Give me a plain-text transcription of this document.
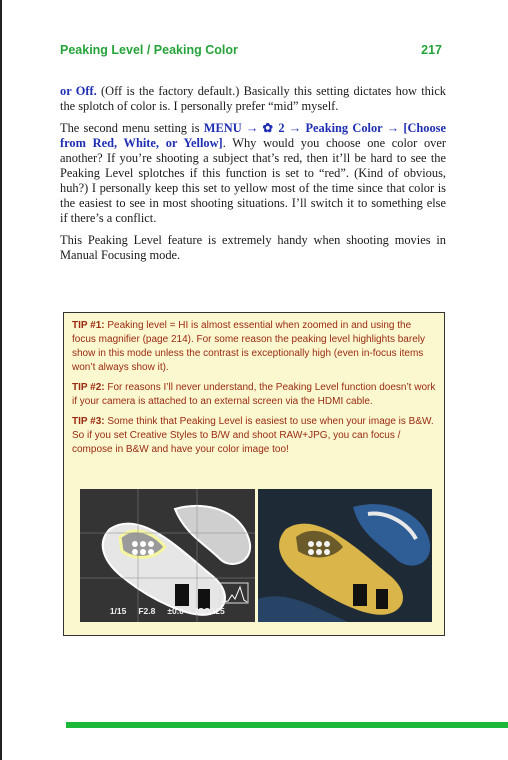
Peaking Level / Peaking Color	217

or Off. (Off is the factory default.) Basically this setting dictates how thick the splotch of color is. I personally prefer “mid” myself.

The second menu setting is MENU → ✿ 2 → Peaking Color → [Choose from Red, White, or Yellow]. Why would you choose one color over another? If you’re shooting a subject that’s red, then it’ll be hard to see the Peaking Level splotches if this function is set to “red”. (Kind of obvious, huh?) I personally keep this set to yellow most of the time since that color is the easiest to see in most shooting situations. I’ll switch it to something else if there’s a conflict.

This Peaking Level feature is extremely handy when shooting movies in Manual Focusing mode.

TIP #1: Peaking level = HI is almost essential when zoomed in and using the focus magnifier (page 214). For some reason the peaking level highlights barely show in this mode unless the contrast is exceptionally high (even in-focus items won’t always show it).

TIP #2: For reasons I’ll never understand, the Peaking Level function doesn’t work if your camera is attached to an external screen via the HDMI cable.

TIP #3: Some think that Peaking Level is easiest to use when your image is B&W. So if you set Creative Styles to B/W and shoot RAW+JPG, you can focus / compose in B&W and have your color image too!

1/15 F2.8 ±0.0 ISO125
